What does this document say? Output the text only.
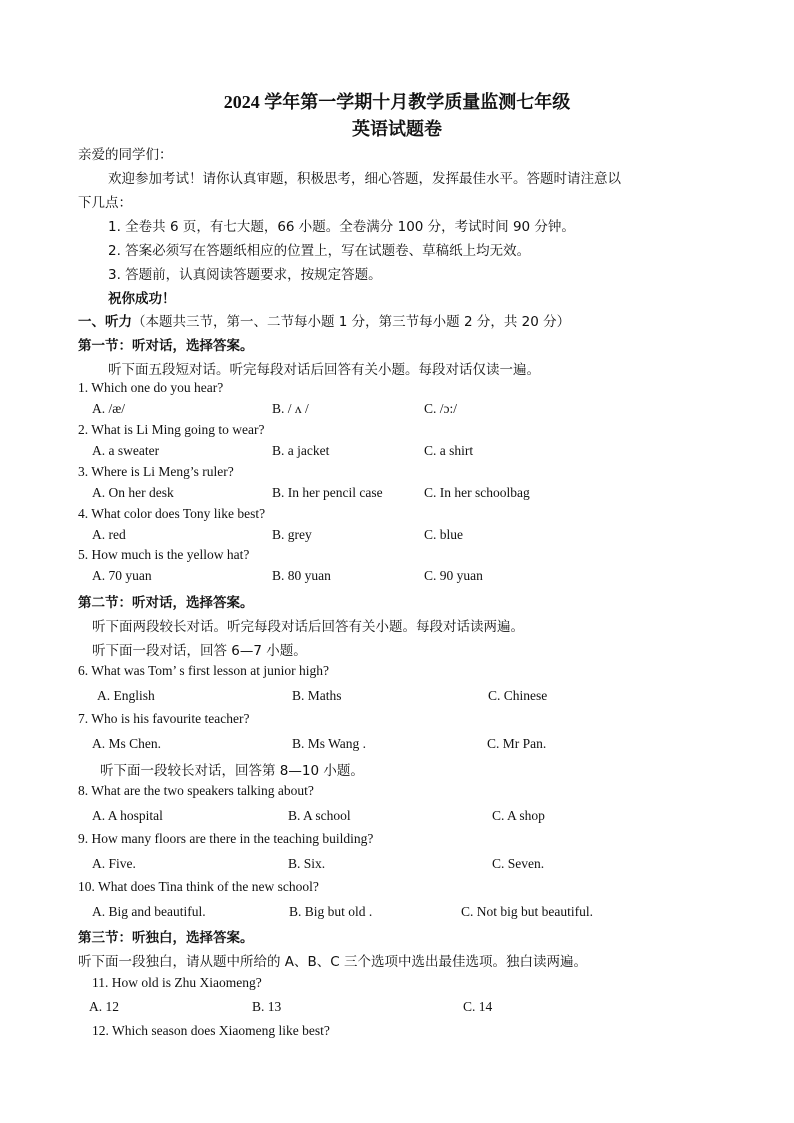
2024 学年第一学期十月教学质量监测七年级
英语试题卷
亲爱的同学们：
欢迎参加考试！请你认真审题，积极思考，细心答题，发挥最佳水平。答题时请注意以
下几点：
1. 全卷共 6 页，有七大题，66 小题。全卷满分 100 分，考试时间 90 分钟。
2. 答案必须写在答题纸相应的位置上，写在试题卷、草稿纸上均无效。
3. 答题前，认真阅读答题要求，按规定答题。
祝你成功！
一、听力（本题共三节，第一、二节每小题 1 分，第三节每小题 2 分，共 20 分）
第一节：听对话，选择答案。
听下面五段短对话。听完每段对话后回答有关小题。每段对话仅读一遍。
1. Which one do you hear?
A. /æ/	B. / ʌ /	C. /ɔ:/
2. What is Li Ming going to wear?
A. a sweater	B. a jacket	C. a shirt
3. Where is Li Meng’s ruler?
A. On her desk	B. In her pencil case	C. In her schoolbag
4. What color does Tony like best?
A. red	B. grey	C. blue
5. How much is the yellow hat?
A. 70 yuan	B. 80 yuan	C. 90 yuan
第二节：听对话，选择答案。
听下面两段较长对话。听完每段对话后回答有关小题。每段对话读两遍。
听下面一段对话，回答 6—7 小题。
6. What was Tom’ s first lesson at junior high?
A. English	B. Maths	C. Chinese
7. Who is his favourite teacher?
A. Ms Chen.	B. Ms Wang .	C. Mr Pan.
听下面一段较长对话，回答第 8—10 小题。
8. What are the two speakers talking about?
A. A hospital	B. A school	C. A shop
9. How many floors are there in the teaching building?
A. Five.	B. Six.	C. Seven.
10. What does Tina think of the new school?
A. Big and beautiful.	B. Big but old .	C. Not big but beautiful.
第三节：听独白，选择答案。
听下面一段独白，请从题中所给的 A、B、C 三个选项中选出最佳选项。独白读两遍。
11. How old is Zhu Xiaomeng?
A. 12	B. 13	C. 14
12. Which season does Xiaomeng like best?
